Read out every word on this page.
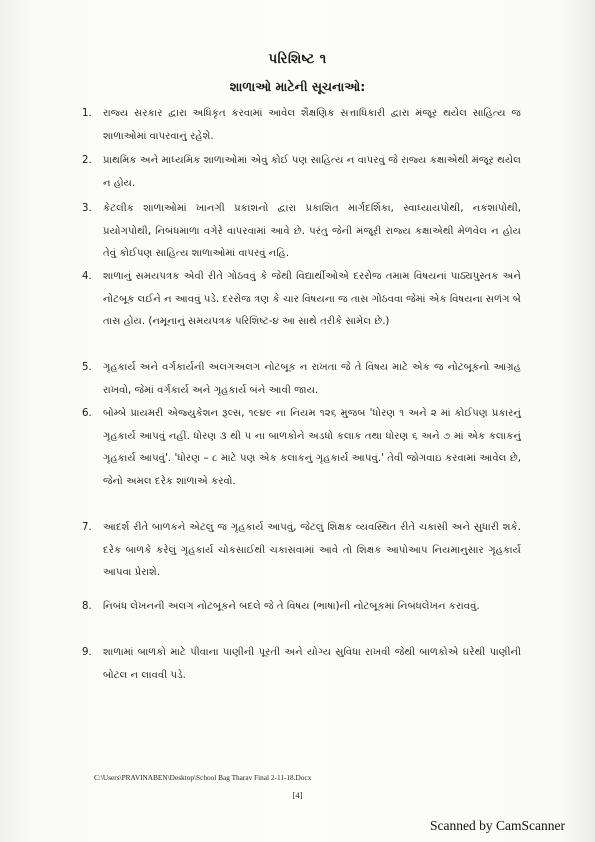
પરિશિષ્ટ ૧
શાળાઓ માટેની સૂચનાઓ:
1.	રાજ્ય સરકાર દ્વારા અધિકૃત કરવામાં આવેલ શૈક્ષણિક સત્તાધિકારી દ્વારા મંજૂર થયેલ સાહિત્ય જ શાળાઓમાં વાપરવાનું રહેશે.
2.	પ્રાથમિક અને માધ્યમિક શાળાઓમાં એવું કોઈ પણ સાહિત્ય ન વાપરવું જે રાજ્ય કક્ષાએથી મંજૂર થયેલ ન હોય.
3.	કેટલીક શાળાઓમાં ખાનગી પ્રકાશનો દ્વારા પ્રકાશિત માર્ગદર્શિકા, સ્વાધ્યાયપોથી, નકશાપોથી, પ્રયોગપોથી, નિબંધમાળા વગેરે વાપરવામાં આવે છે. પરંતુ જેની મંજૂરી રાજ્ય કક્ષાએથી મેળવેલ ન હોય તેવું કોઈપણ સાહિત્ય શાળાઓમાં વાપરવું નહિ.
4.	શાળાનું સમયપત્રક એવી રીતે ગોઠવવું કે જેથી વિદ્યાર્થીઓએ દરરોજ તમામ વિષયનાં પાઠ્યપુસ્તક અને નોટબૂક લઈને ન આવવું પડે. દરરોજ ત્રણ કે ચાર વિષયના જ તાસ ગોઠવવા જેમાં એક વિષયના સળંગ બે તાસ હોય. (નમૂનાનું સમયપત્રક પરિશિષ્ટ-૪ આ સાથે તરીકે સામેલ છે.)
5.	ગૃહકાર્ય અને વર્ગકાર્યની અલગઅલગ નોટબૂક ન રાખતા જે તે વિષય માટે એક જ નોટબૂકનો આગ્રહ રાખવો, જેમાં વર્ગકાર્ય અને ગૃહકાર્ય બંને આવી જાય.
6.	બોમ્બે પ્રાયમરી એજ્યુકેશન રૂલ્સ, ૧૯૪૯ ના નિયમ ૧૨૬ મુજબ 'ધોરણ ૧ અને ૨ માં કોઈપણ પ્રકારનું ગૃહકાર્ય આપવું નહીં. ધોરણ ૩ થી ૫ ના બાળકોને અડધો કલાક તથા ધોરણ ૬ અને ૭ માં એક કલાકનું ગૃહકાર્ય આપવું'. 'ધોરણ – ૮ માટે પણ એક કલાકનું ગૃહકાર્ય આપવું.' તેવી જોગવાઇ કરવામાં આવેલ છે, જેનો અમલ દરેક શાળાએ કરવો.
7.	આદર્શ રીતે બાળકને એટલું જ ગૃહકાર્ય આપવું, જેટલું શિક્ષક વ્યવસ્થિત રીતે ચકાસી અને સુધારી શકે. દરેક બાળકે કરેલું ગૃહકાર્ય ચોકસાઈથી ચકાસવામાં આવે તો શિક્ષક આપોઆપ નિયમાનુસાર ગૃહકાર્ય આપવા પ્રેરાશે.
8.	નિબંધ લેખનની અલગ નોટબૂકને બદલે જે તે વિષય (ભાષા)ની નોટબૂકમાં નિબંધલેખન કરાવવું.
9.	શાળામાં બાળકો માટે પીવાના પાણીની પૂરતી અને યોગ્ય સુવિધા રાખવી જેથી બાળકોએ ઘરેથી પાણીની બોટલ ન લાવવી પડે.
C:\Users\PRAVINABEN\Desktop\School Bag Tharav Final 2-11-18.Docx
[4]
Scanned by CamScanner
